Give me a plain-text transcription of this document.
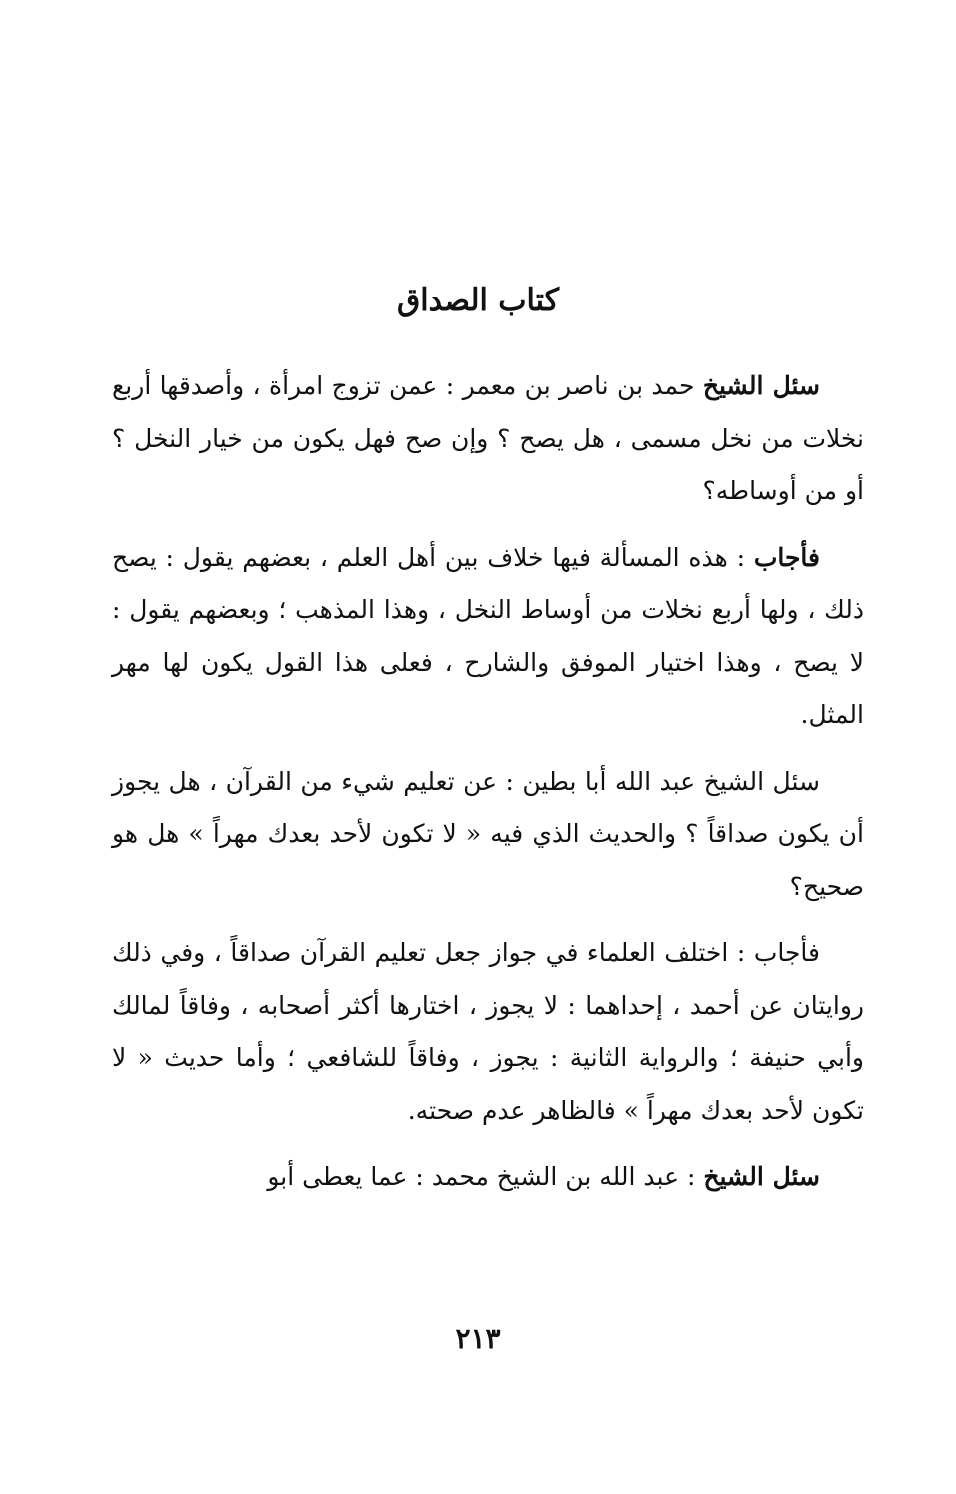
كتاب الصداق

سئل الشيخ حمد بن ناصر بن معمر : عمن تزوج امرأة ، وأصدقها أربع نخلات من نخل مسمى ، هل يصح ؟ وإن صح فهل يكون من خيار النخل ؟ أو من أوساطه؟

فأجاب : هذه المسألة فيها خلاف بين أهل العلم ، بعضهم يقول : يصح ذلك ، ولها أربع نخلات من أوساط النخل ، وهذا المذهب ؛ وبعضهم يقول : لا يصح ، وهذا اختيار الموفق والشارح ، فعلى هذا القول يكون لها مهر المثل.

سئل الشيخ عبد الله أبا بطين : عن تعليم شيء من القرآن ، هل يجوز أن يكون صداقاً ؟ والحديث الذي فيه « لا تكون لأحد بعدك مهراً » هل هو صحيح؟

فأجاب : اختلف العلماء في جواز جعل تعليم القرآن صداقاً ، وفي ذلك روايتان عن أحمد ، إحداهما : لا يجوز ، اختارها أكثر أصحابه ، وفاقاً لمالك وأبي حنيفة ؛ والرواية الثانية : يجوز ، وفاقاً للشافعي ؛ وأما حديث « لا تكون لأحد بعدك مهراً » فالظاهر عدم صحته.

سئل الشيخ : عبد الله بن الشيخ محمد : عما يعطى أبو

٢١٣
